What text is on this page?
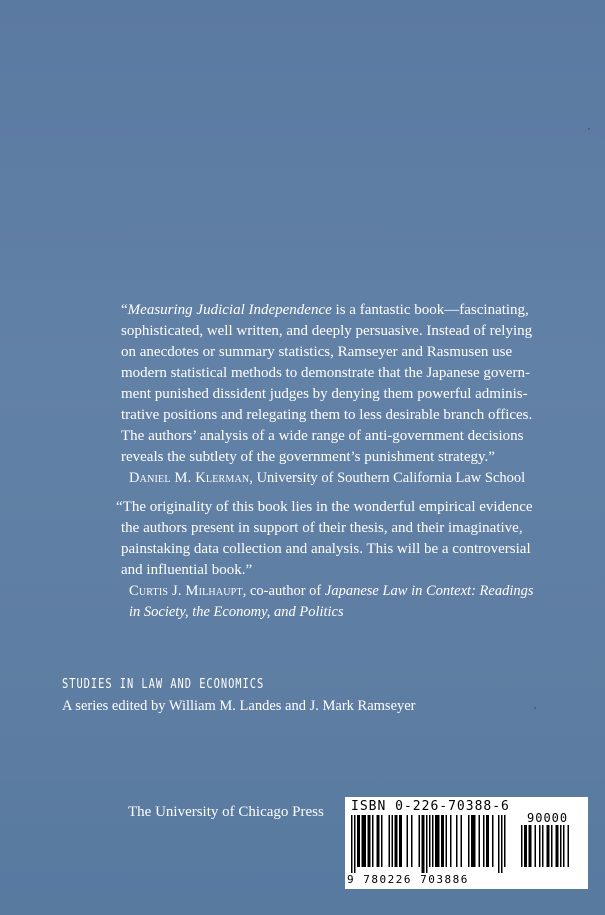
“Measuring Judicial Independence is a fantastic book—fascinating,

sophisticated, well written, and deeply persuasive. Instead of relying

on anecdotes or summary statistics, Ramseyer and Rasmusen use

modern statistical methods to demonstrate that the Japanese govern-

ment punished dissident judges by denying them powerful adminis-

trative positions and relegating them to less desirable branch offices.

The authors’ analysis of a wide range of anti-government decisions

reveals the subtlety of the government’s punishment strategy.”

Daniel M. Klerman, University of Southern California Law School

“The originality of this book lies in the wonderful empirical evidence

the authors present in support of their thesis, and their imaginative,

painstaking data collection and analysis. This will be a controversial

and influential book.”

Curtis J. Milhaupt, co-author of Japanese Law in Context: Readings
in Society, the Economy, and Politics

STUDIES IN LAW AND ECONOMICS
A series edited by William M. Landes and J. Mark Ramseyer
The University of Chicago Press ISBN 0-226-70388-6
90000
9 780226 703886
